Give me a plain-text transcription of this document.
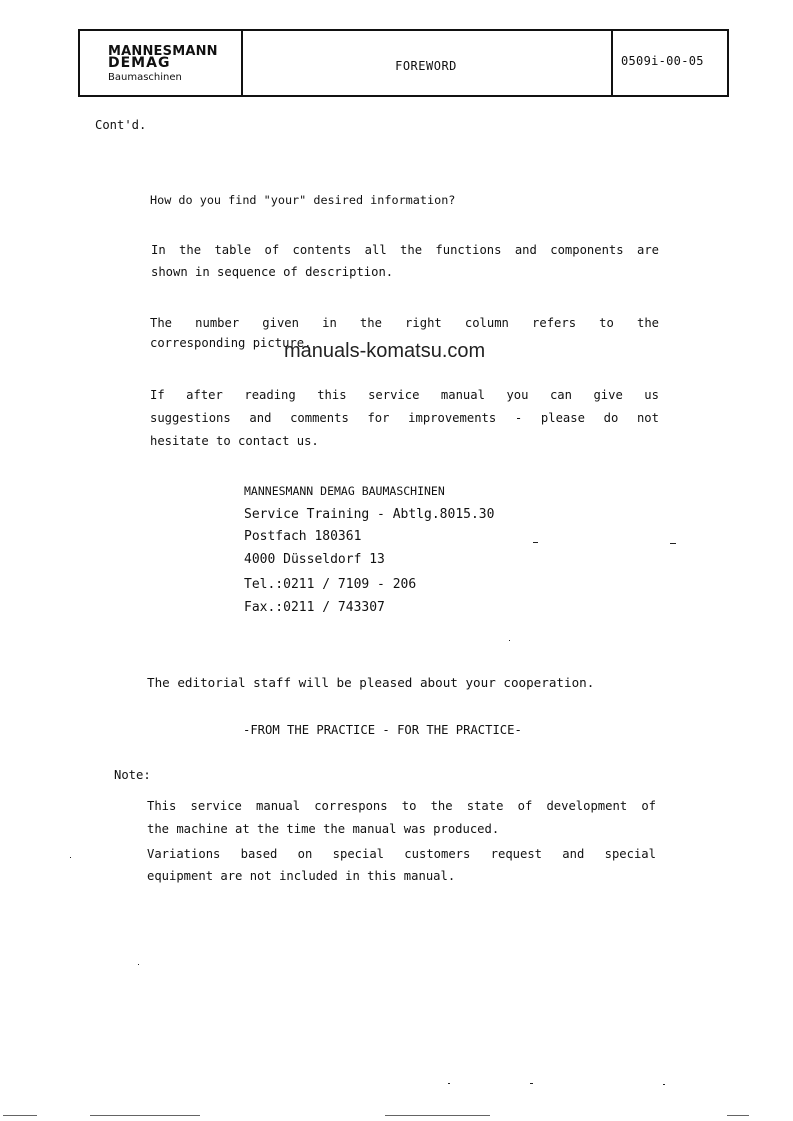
MANNESMANN
DEMAG
Baumaschinen
FOREWORD	0509i-00-05
Cont'd.
How do you find "your" desired information?
In the table of contents all the functions and components are
shown in sequence of description.
The number given in the right column refers to the
corresponding picture.
manuals-komatsu.com
If after reading this service manual you can give us
suggestions and comments for improvements - please do not
hesitate to contact us.
MANNESMANN DEMAG BAUMASCHINEN
Service Training - Abtlg.8015.30
Postfach 180361
4000 Düsseldorf 13
Tel.:0211 / 7109 - 206
Fax.:0211 / 743307
The editorial staff will be pleased about your cooperation.
-FROM THE PRACTICE - FOR THE PRACTICE-
Note:
This service manual correspons to the state of development of
the machine at the time the manual was produced.
Variations based on special customers request and special
equipment are not included in this manual.
